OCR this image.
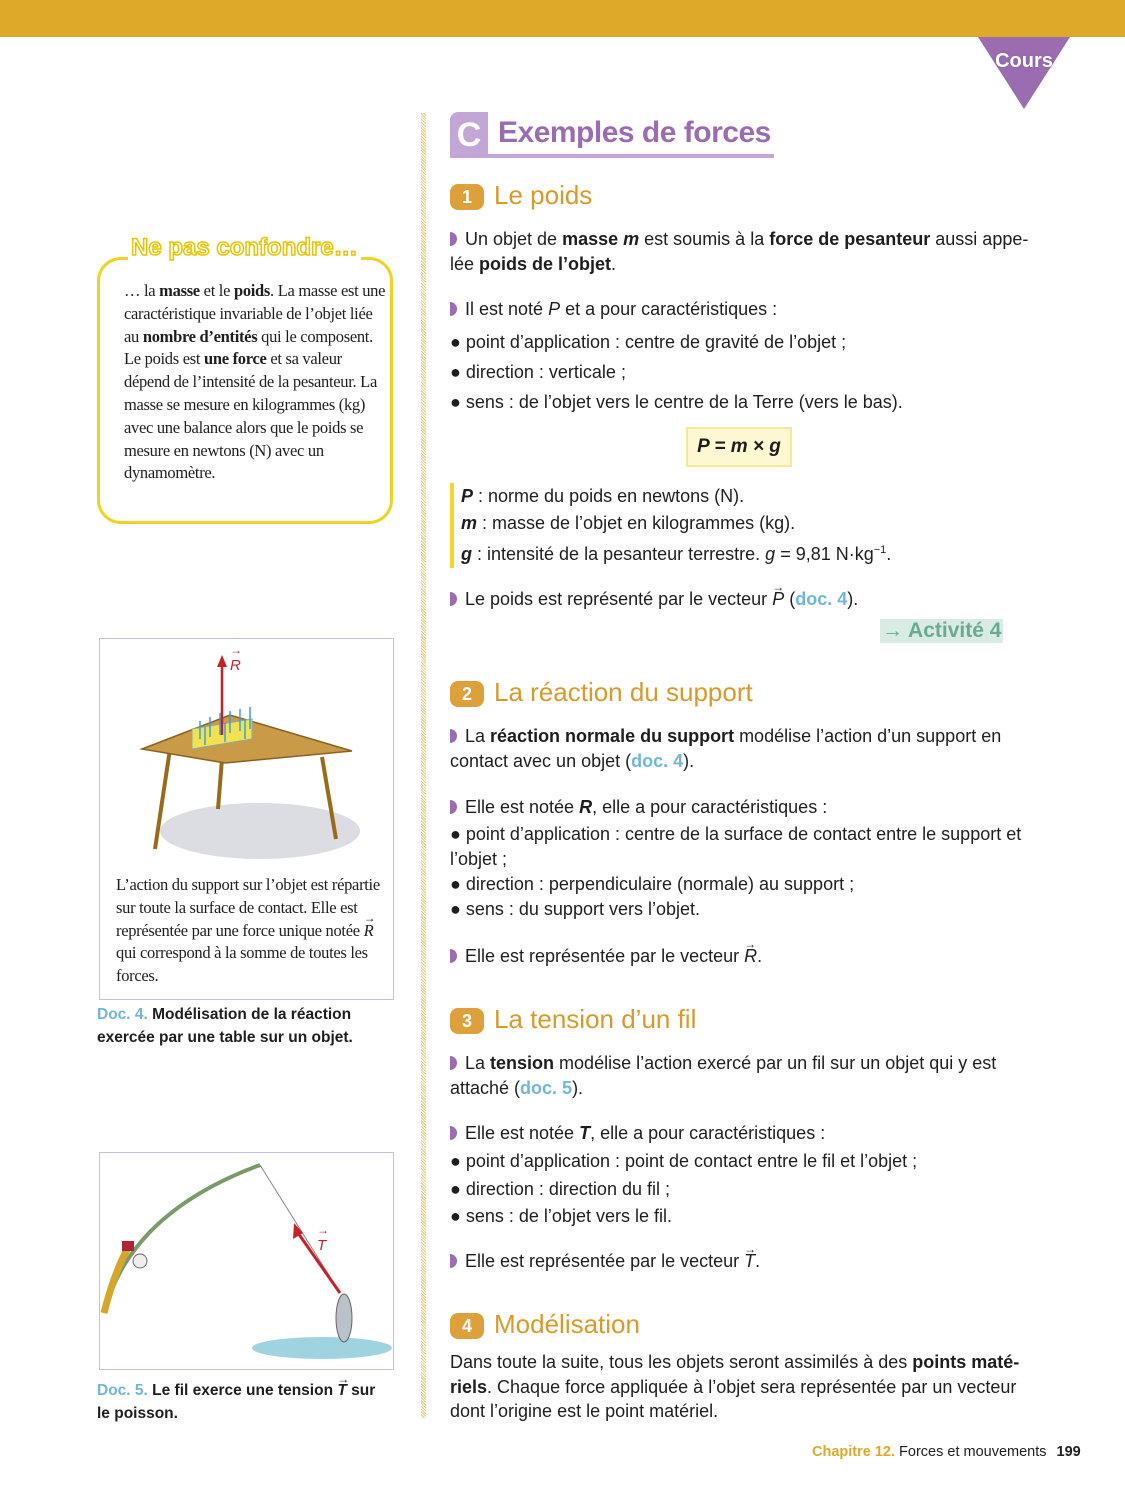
Cours
C Exemples de forces
1 Le poids
Un objet de masse m est soumis à la force de pesanteur aussi appe-lée poids de l’objet.
Il est noté P et a pour caractéristiques :
● point d’application : centre de gravité de l’objet ;
● direction : verticale ;
● sens : de l’objet vers le centre de la Terre (vers le bas).
P = m × g
P : norme du poids en newtons (N).
m : masse de l’objet en kilogrammes (kg).
g : intensité de la pesanteur terrestre. g = 9,81 $N\cdot kg^{-1}$.
Le poids est représenté par le vecteur → P (doc. 4).
→ Activité 4
2 La réaction du support
La réaction normale du support modélise l’action d’un support en contact avec un objet (doc. 4).
Elle est notée R, elle a pour caractéristiques :
● point d’application : centre de la surface de contact entre le support et l’objet ;
● direction : perpendiculaire (normale) au support ;
● sens : du support vers l’objet.
Elle est représentée par le vecteur → R.
3 La tension d’un fil
La tension modélise l’action exercé par un fil sur un objet qui y est attaché (doc. 5).
Elle est notée T, elle a pour caractéristiques :
● point d’application : point de contact entre le fil et l’objet ;
● direction : direction du fil ;
● sens : de l’objet vers le fil.
Elle est représentée par le vecteur → T.
4 Modélisation
Dans toute la suite, tous les objets seront assimilés à des points maté-riels. Chaque force appliquée à l’objet sera représentée par un vecteur dont l’origine est le point matériel.
Ne pas confondre…
… la masse et le poids. La masse est une caractéristique invariable de l’objet liée au nombre d’entités qui le composent. Le poids est une force et sa valeur dépend de l’intensité de la pesanteur. La masse se mesure en kilogrammes (kg) avec une balance alors que le poids se mesure en newtons (N) avec un dynamomètre.
→ R
L’action du support sur l’objet est répartie sur toute la surface de contact. Elle est représentée par une force unique notée → R qui correspond à la somme de toutes les forces.
Doc. 4. Modélisation de la réaction exercée par une table sur un objet.
→ T
Doc. 5. Le fil exerce une tension → T sur le poisson.
Chapitre 12. Forces et mouvements 199
